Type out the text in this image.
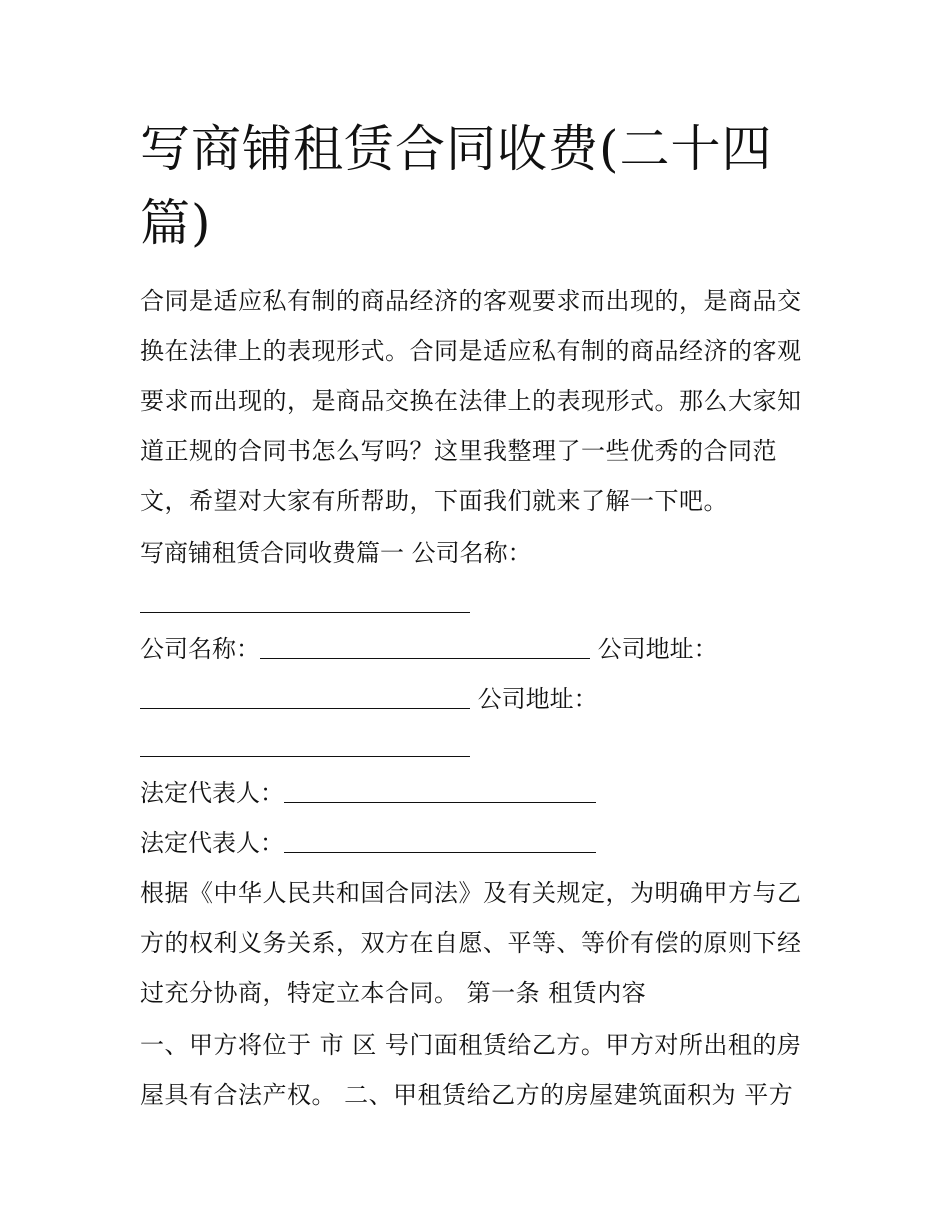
写商铺租赁合同收费(二十四篇)

合同是适应私有制的商品经济的客观要求而出现的，是商品交换在法律上的表现形式。合同是适应私有制的商品经济的客观要求而出现的，是商品交换在法律上的表现形式。那么大家知道正规的合同书怎么写吗？这里我整理了一些优秀的合同范文，希望对大家有所帮助，下面我们就来了解一下吧。

写商铺租赁合同收费篇一 公司名称：

公司名称：	公司地址：

公司地址：

法定代表人：

法定代表人：

根据《中华人民共和国合同法》及有关规定，为明确甲方与乙方的权利义务关系，双方在自愿、平等、等价有偿的原则下经过充分协商，特定立本合同。 第一条 租赁内容

一、甲方将位于 市 区 号门面租赁给乙方。甲方对所出租的房屋具有合法产权。 二、甲租赁给乙方的房屋建筑面积为 平方
